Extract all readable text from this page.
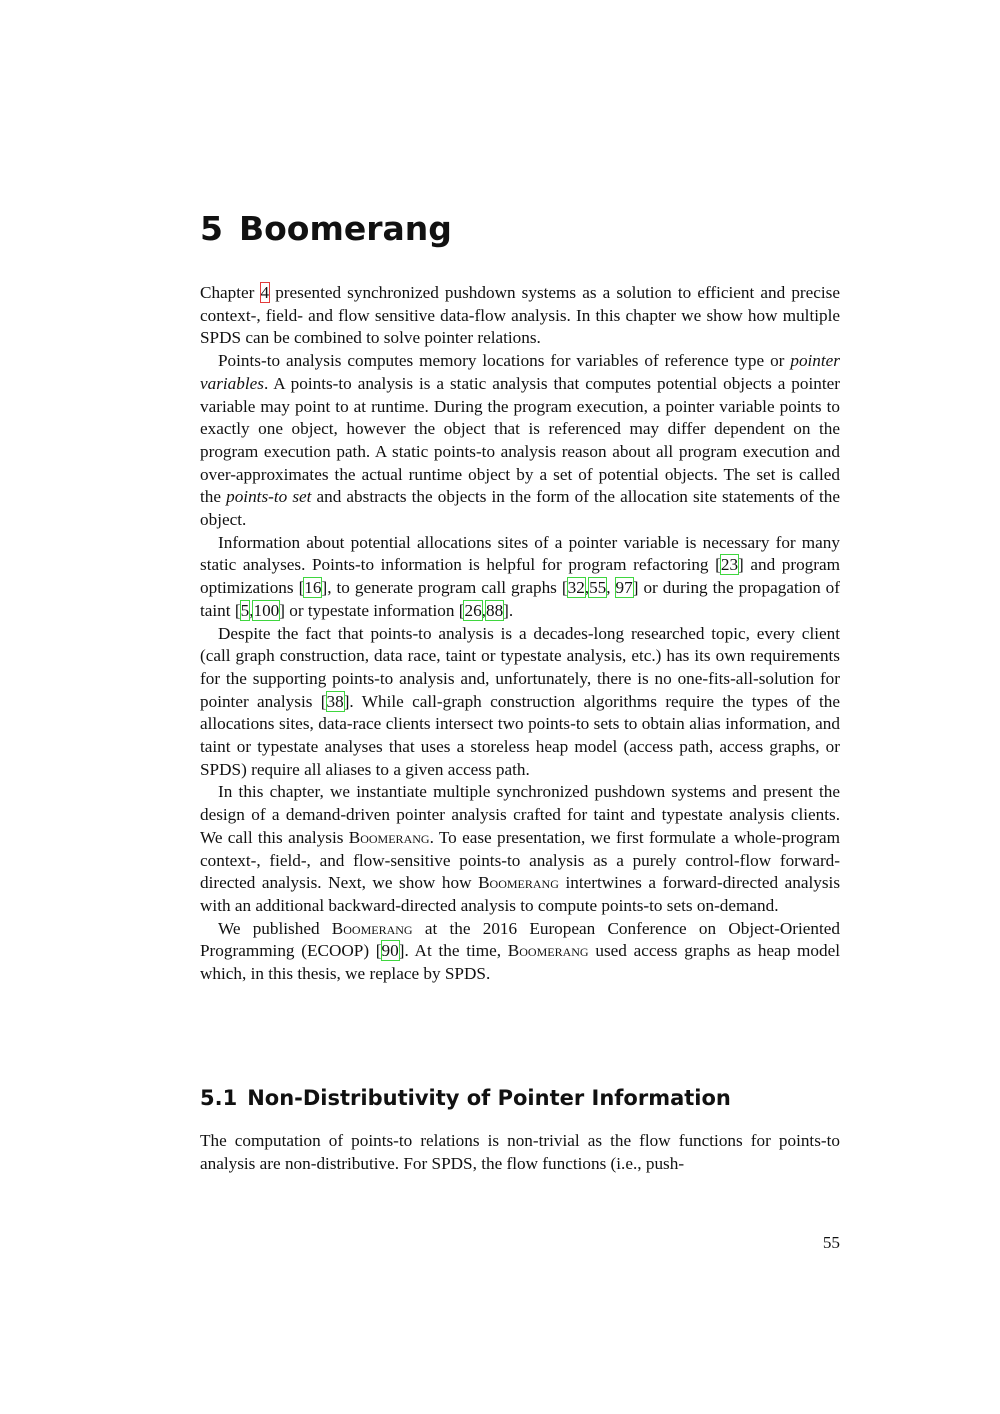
5 Boomerang

Chapter 4 presented synchronized pushdown systems as a solution to efficient and precise context-, field- and flow sensitive data-flow analysis. In this chapter we show how multiple SPDS can be combined to solve pointer relations.

Points-to analysis computes memory locations for variables of reference type or pointer variables. A points-to analysis is a static analysis that computes potential objects a pointer variable may point to at runtime. During the program execution, a pointer variable points to exactly one object, however the object that is referenced may differ dependent on the program execution path. A static points-to analysis reason about all program execution and over-approximates the actual runtime object by a set of potential objects. The set is called the points-to set and abstracts the objects in the form of the allocation site statements of the object.

Information about potential allocations sites of a pointer variable is necessary for many static analyses. Points-to information is helpful for program refactoring [23] and program optimizations [16], to generate program call graphs [32,55, 97] or during the propagation of taint [5,100] or typestate information [26,88].

Despite the fact that points-to analysis is a decades-long researched topic, every client (call graph construction, data race, taint or typestate analysis, etc.) has its own requirements for the supporting points-to analysis and, unfortunately, there is no one-fits-all-solution for pointer analysis [38]. While call-graph construction algorithms require the types of the allocations sites, data-race clients intersect two points-to sets to obtain alias information, and taint or typestate analyses that uses a storeless heap model (access path, access graphs, or SPDS) require all aliases to a given access path.

In this chapter, we instantiate multiple synchronized pushdown systems and present the design of a demand-driven pointer analysis crafted for taint and typestate analysis clients. We call this analysis Boomerang. To ease presentation, we first formulate a whole-program context-, field-, and flow-sensitive points-to analysis as a purely control-flow forward-directed analysis. Next, we show how Boomerang intertwines a forward-directed analysis with an additional backward-directed analysis to compute points-to sets on-demand.

We published Boomerang at the 2016 European Conference on Object-Oriented Programming (ECOOP) [90]. At the time, Boomerang used access graphs as heap model which, in this thesis, we replace by SPDS.

5.1 Non-Distributivity of Pointer Information

The computation of points-to relations is non-trivial as the flow functions for points-to analysis are non-distributive. For SPDS, the flow functions (i.e., push-

55
